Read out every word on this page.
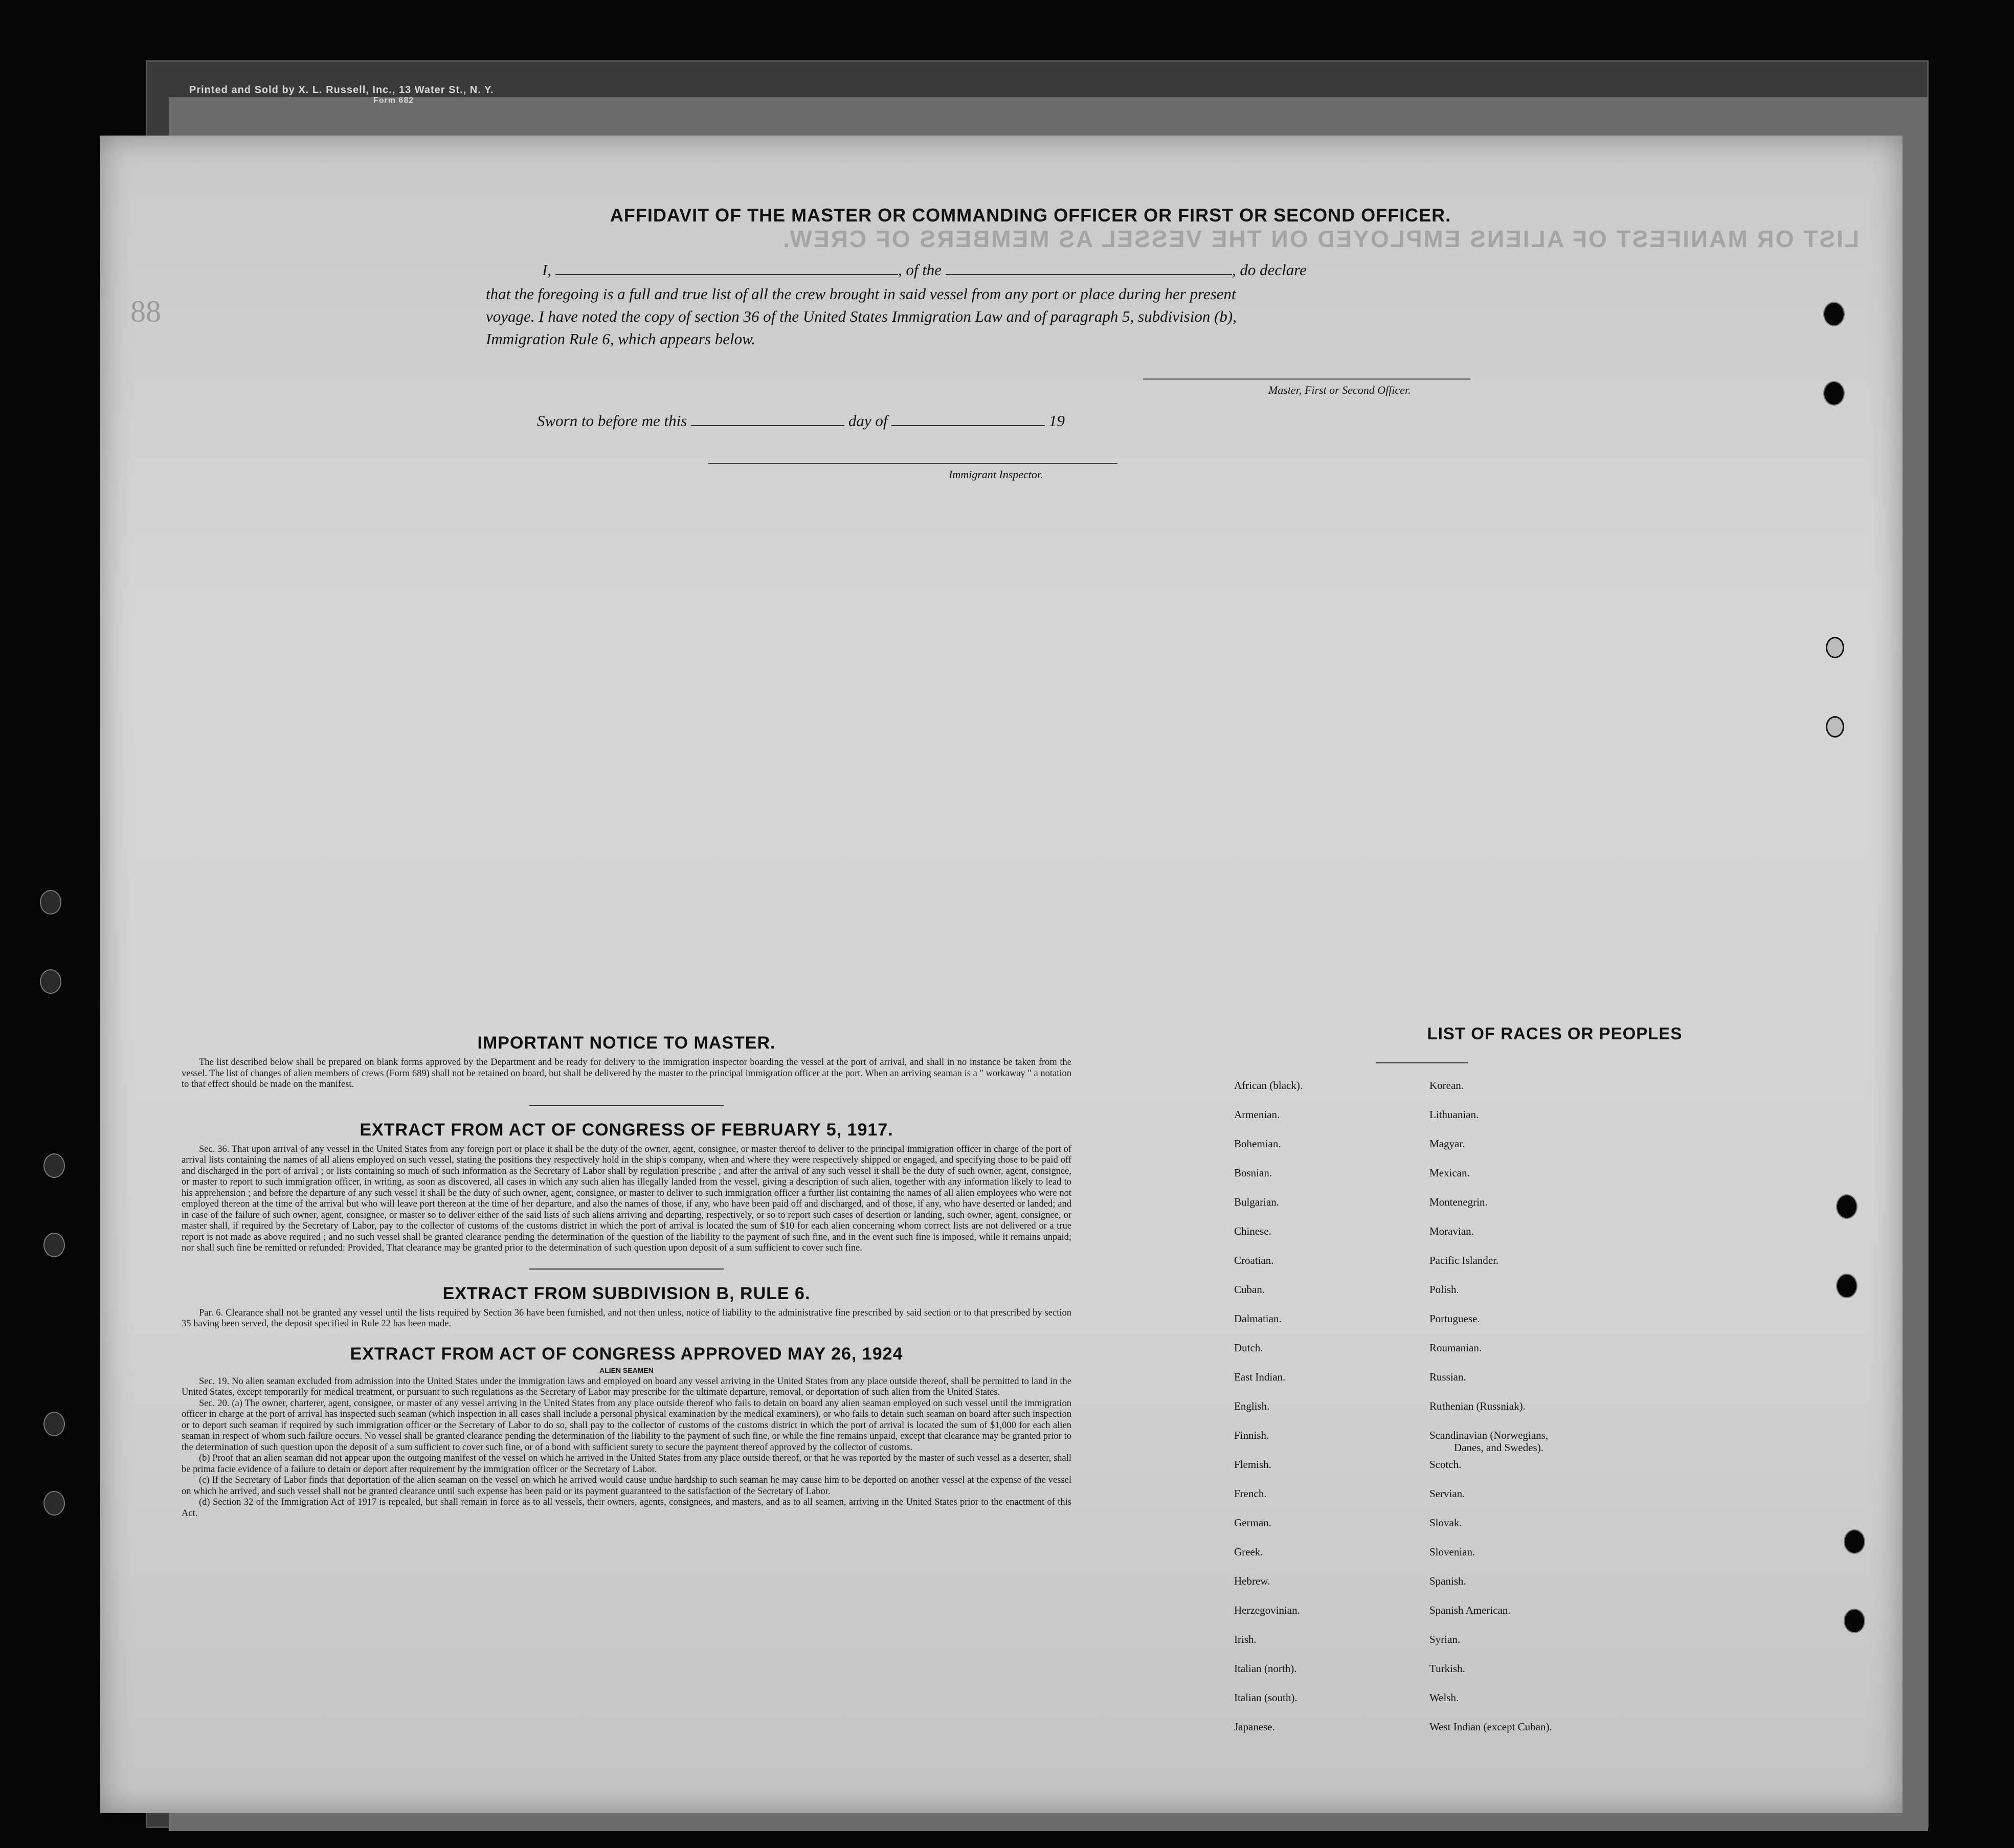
Printed and Sold by X. L. Russell, Inc., 13 Water St., N. Y.
Form 682
LIST OR MANIFEST OF ALIENS EMPLOYED ON THE VESSEL AS MEMBERS OF CREW.
88
AFFIDAVIT OF THE MASTER OR COMMANDING OFFICER OR FIRST OR SECOND OFFICER.
I,	, of the	, do declare
that the foregoing is a full and true list of all the crew brought in said vessel from any port or place during her present
voyage. I have noted the copy of section 36 of the United States Immigration Law and of paragraph 5, subdivision (b),
Immigration Rule 6, which appears below.
Master, First or Second Officer.
Sworn to before me this	day of	19
Immigrant Inspector.
IMPORTANT NOTICE TO MASTER.

The list described below shall be prepared on blank forms approved by the Department and be ready for delivery to the immigration inspector boarding the vessel at the port of arrival, and shall in no instance be taken from the vessel. The list of changes of alien members of crews (Form 689) shall not be retained on board, but shall be delivered by the master to the principal immigration officer at the port. When an arriving seaman is a " workaway " a notation to that effect should be made on the manifest.

EXTRACT FROM ACT OF CONGRESS OF FEBRUARY 5, 1917.

Sec. 36. That upon arrival of any vessel in the United States from any foreign port or place it shall be the duty of the owner, agent, consignee, or master thereof to deliver to the principal immigration officer in charge of the port of arrival lists containing the names of all aliens employed on such vessel, stating the positions they respectively hold in the ship's company, when and where they were respectively shipped or engaged, and specifying those to be paid off and discharged in the port of arrival ; or lists containing so much of such information as the Secretary of Labor shall by regulation prescribe ; and after the arrival of any such vessel it shall be the duty of such owner, agent, consignee, or master to report to such immigration officer, in writing, as soon as discovered, all cases in which any such alien has illegally landed from the vessel, giving a description of such alien, together with any information likely to lead to his apprehension ; and before the departure of any such vessel it shall be the duty of such owner, agent, consignee, or master to deliver to such immigration officer a further list containing the names of all alien employees who were not employed thereon at the time of the arrival but who will leave port thereon at the time of her departure, and also the names of those, if any, who have been paid off and discharged, and of those, if any, who have deserted or landed; and in case of the failure of such owner, agent, consignee, or master so to deliver either of the said lists of such aliens arriving and departing, respectively, or so to report such cases of desertion or landing, such owner, agent, consignee, or master shall, if required by the Secretary of Labor, pay to the collector of customs of the customs district in which the port of arrival is located the sum of $10 for each alien concerning whom correct lists are not delivered or a true report is not made as above required ; and no such vessel shall be granted clearance pending the determination of the question of the liability to the payment of such fine, and in the event such fine is imposed, while it remains unpaid; nor shall such fine be remitted or refunded: Provided, That clearance may be granted prior to the determination of such question upon deposit of a sum sufficient to cover such fine.

EXTRACT FROM SUBDIVISION B, RULE 6.

Par. 6. Clearance shall not be granted any vessel until the lists required by Section 36 have been furnished, and not then unless, notice of liability to the administrative fine prescribed by said section or to that prescribed by section 35 having been served, the deposit specified in Rule 22 has been made.

EXTRACT FROM ACT OF CONGRESS APPROVED MAY 26, 1924
ALIEN SEAMEN

Sec. 19. No alien seaman excluded from admission into the United States under the immigration laws and employed on board any vessel arriving in the United States from any place outside thereof, shall be permitted to land in the United States, except temporarily for medical treatment, or pursuant to such regulations as the Secretary of Labor may prescribe for the ultimate departure, removal, or deportation of such alien from the United States.

Sec. 20. (a) The owner, charterer, agent, consignee, or master of any vessel arriving in the United States from any place outside thereof who fails to detain on board any alien seaman employed on such vessel until the immigration officer in charge at the port of arrival has inspected such seaman (which inspection in all cases shall include a personal physical examination by the medical examiners), or who fails to detain such seaman on board after such inspection or to deport such seaman if required by such immigration officer or the Secretary of Labor to do so, shall pay to the collector of customs of the customs district in which the port of arrival is located the sum of $1,000 for each alien seaman in respect of whom such failure occurs. No vessel shall be granted clearance pending the determination of the liability to the payment of such fine, or while the fine remains unpaid, except that clearance may be granted prior to the determination of such question upon the deposit of a sum sufficient to cover such fine, or of a bond with sufficient surety to secure the payment thereof approved by the collector of customs.

(b) Proof that an alien seaman did not appear upon the outgoing manifest of the vessel on which he arrived in the United States from any place outside thereof, or that he was reported by the master of such vessel as a deserter, shall be prima facie evidence of a failure to detain or deport after requirement by the immigration officer or the Secretary of Labor.

(c) If the Secretary of Labor finds that deportation of the alien seaman on the vessel on which he arrived would cause undue hardship to such seaman he may cause him to be deported on another vessel at the expense of the vessel on which he arrived, and such vessel shall not be granted clearance until such expense has been paid or its payment guaranteed to the satisfaction of the Secretary of Labor.

(d) Section 32 of the Immigration Act of 1917 is repealed, but shall remain in force as to all vessels, their owners, agents, consignees, and masters, and as to all seamen, arriving in the United States prior to the enactment of this Act.

LIST OF RACES OR PEOPLES
African (black).
Armenian.
Bohemian.
Bosnian.
Bulgarian.
Chinese.
Croatian.
Cuban.
Dalmatian.
Dutch.
East Indian.
English.
Finnish.
Flemish.
French.
German.
Greek.
Hebrew.
Herzegovinian.
Irish.
Italian (north).
Italian (south).
Japanese.
Korean.
Lithuanian.
Magyar.
Mexican.
Montenegrin.
Moravian.
Pacific Islander.
Polish.
Portuguese.
Roumanian.
Russian.
Ruthenian (Russniak).
Scandinavian (Norwegians,
Danes, and Swedes).
Scotch.
Servian.
Slovak.
Slovenian.
Spanish.
Spanish American.
Syrian.
Turkish.
Welsh.
West Indian (except Cuban).
